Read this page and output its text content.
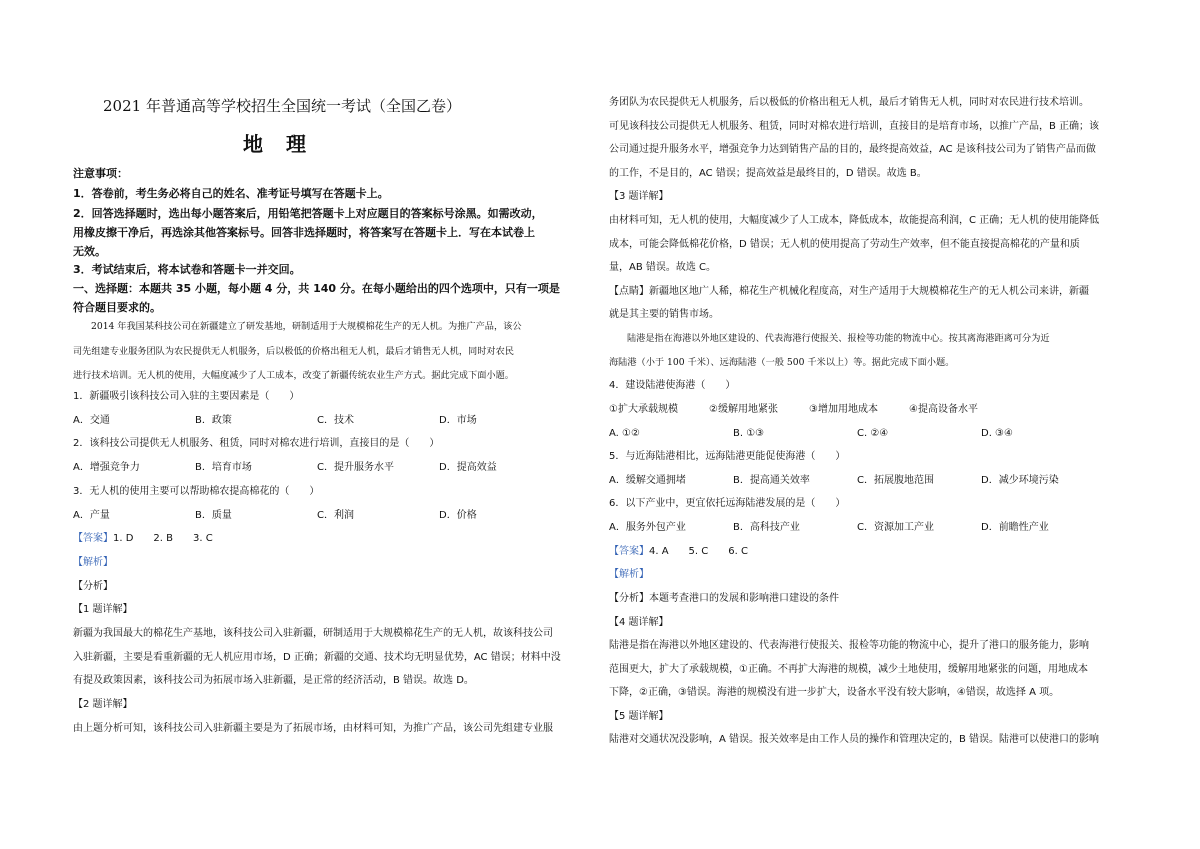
2021 年普通高等学校招生全国统一考试（全国乙卷）
地 理
注意事项：
1．答卷前，考生务必将自己的姓名、准考证号填写在答题卡上。
2．回答选择题时，选出每小题答案后，用铅笔把答题卡上对应题目的答案标号涂黑。如需改动，
用橡皮擦干净后，再选涂其他答案标号。回答非选择题时，将答案写在答题卡上．写在本试卷上
无效。
3．考试结束后，将本试卷和答题卡一并交回。
一、选择题：本题共 35 小题，每小题 4 分，共 140 分。在每小题给出的四个选项中，只有一项是
符合题目要求的。
2014 年我国某科技公司在新疆建立了研发基地，研制适用于大规模棉花生产的无人机。为推广产品，该公
司先组建专业服务团队为农民提供无人机服务，后以极低的价格出租无人机，最后才销售无人机，同时对农民
进行技术培训。无人机的使用，大幅度减少了人工成本，改变了新疆传统农业生产方式。据此完成下面小题。
1．新疆吸引该科技公司入驻的主要因素是（　　）
A．交通	B．政策	C．技术	D．市场
2．该科技公司提供无人机服务、租赁，同时对棉农进行培训，直接目的是（　　）
A．增强竞争力	B．培育市场	C．提升服务水平	D．提高效益
3．无人机的使用主要可以帮助棉农提高棉花的（　　）
A．产量	B．质量	C．利润	D．价格
【答案】1. D　　2. B　　3. C
【解析】
【分析】
【1 题详解】
新疆为我国最大的棉花生产基地，该科技公司入驻新疆，研制适用于大规模棉花生产的无人机，故该科技公司
入驻新疆，主要是看重新疆的无人机应用市场，D 正确；新疆的交通、技术均无明显优势，AC 错误；材料中没
有提及政策因素，该科技公司为拓展市场入驻新疆，是正常的经济活动，B 错误。故选 D。
【2 题详解】
由上题分析可知，该科技公司入驻新疆主要是为了拓展市场，由材料可知，为推广产品，该公司先组建专业服
务团队为农民提供无人机服务，后以极低的价格出租无人机，最后才销售无人机，同时对农民进行技术培训。
可见该科技公司提供无人机服务、租赁，同时对棉农进行培训，直接目的是培育市场，以推广产品，B 正确；该
公司通过提升服务水平，增强竞争力达到销售产品的目的，最终提高效益，AC 是该科技公司为了销售产品而做
的工作，不是目的，AC 错误；提高效益是最终目的，D 错误。故选 B。
【3 题详解】
由材料可知，无人机的使用，大幅度减少了人工成本，降低成本，故能提高利润，C 正确；无人机的使用能降低
成本，可能会降低棉花价格，D 错误；无人机的使用提高了劳动生产效率，但不能直接提高棉花的产量和质
量，AB 错误。故选 C。
【点睛】新疆地区地广人稀，棉花生产机械化程度高，对生产适用于大规模棉花生产的无人机公司来讲，新疆
就是其主要的销售市场。
陆港是指在海港以外地区建设的、代表海港行使报关、报检等功能的物流中心。按其离海港距离可分为近
海陆港（小于 100 千米）、远海陆港（一般 500 千米以上）等。据此完成下面小题。
4．建设陆港使海港（　　）
①扩大承载规模	②缓解用地紧张	③增加用地成本	④提高设备水平
A. ①②	B. ①③	C. ②④	D. ③④
5．与近海陆港相比，远海陆港更能促使海港（　　）
A．缓解交通拥堵	B．提高通关效率	C．拓展腹地范围	D．减少环境污染
6．以下产业中，更宜依托远海陆港发展的是（　　）
A．服务外包产业	B．高科技产业	C．资源加工产业	D．前瞻性产业
【答案】4. A　　5. C　　6. C
【解析】
【分析】本题考查港口的发展和影响港口建设的条件
【4 题详解】
陆港是指在海港以外地区建设的、代表海港行使报关、报检等功能的物流中心，提升了港口的服务能力，影响
范围更大，扩大了承载规模，①正确。不再扩大海港的规模，减少土地使用，缓解用地紧张的问题，用地成本
下降，②正确，③错误。海港的规模没有进一步扩大，设备水平没有较大影响，④错误，故选择 A 项。
【5 题详解】
陆港对交通状况没影响，A 错误。报关效率是由工作人员的操作和管理决定的，B 错误。陆港可以使港口的影响
